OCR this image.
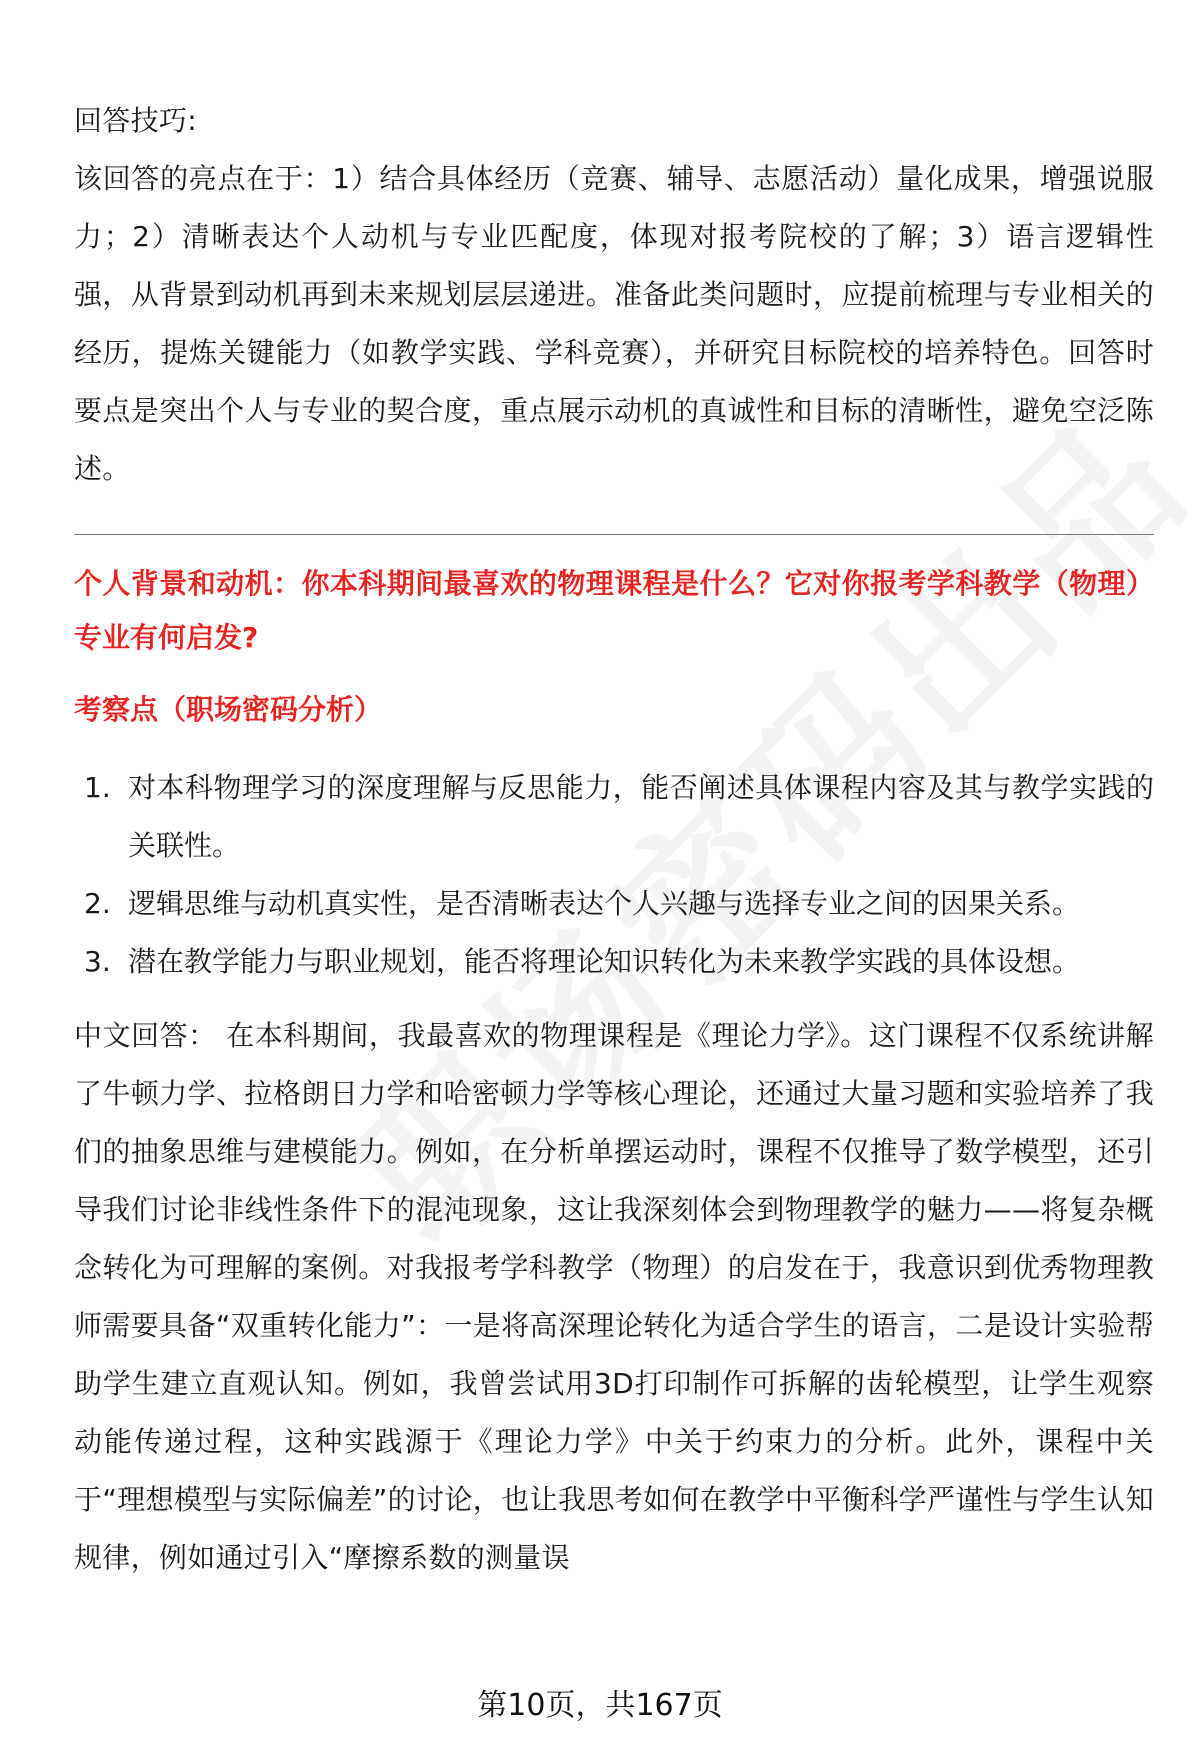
回答技巧:

该回答的亮点在于：1）结合具体经历（竞赛、辅导、志愿活动）量化成果，增强说服力；2）清晰表达个人动机与专业匹配度，体现对报考院校的了解；3）语言逻辑性强，从背景到动机再到未来规划层层递进。准备此类问题时，应提前梳理与专业相关的经历，提炼关键能力（如教学实践、学科竞赛），并研究目标院校的培养特色。回答时要点是突出个人与专业的契合度，重点展示动机的真诚性和目标的清晰性，避免空泛陈述。

个人背景和动机：你本科期间最喜欢的物理课程是什么？它对你报考学科教学（物理）专业有何启发?

考察点（职场密码分析）

1. 对本科物理学习的深度理解与反思能力，能否阐述具体课程内容及其与教学实践的关联性。
2. 逻辑思维与动机真实性，是否清晰表达个人兴趣与选择专业之间的因果关系。
3. 潜在教学能力与职业规划，能否将理论知识转化为未来教学实践的具体设想。

中文回答： 在本科期间，我最喜欢的物理课程是《理论力学》。这门课程不仅系统讲解了牛顿力学、拉格朗日力学和哈密顿力学等核心理论，还通过大量习题和实验培养了我们的抽象思维与建模能力。例如，在分析单摆运动时，课程不仅推导了数学模型，还引导我们讨论非线性条件下的混沌现象，这让我深刻体会到物理教学的魅力——将复杂概念转化为可理解的案例。对我报考学科教学（物理）的启发在于，我意识到优秀物理教师需要具备“双重转化能力”：一是将高深理论转化为适合学生的语言，二是设计实验帮助学生建立直观认知。例如，我曾尝试用3D打印制作可拆解的齿轮模型，让学生观察动能传递过程，这种实践源于《理论力学》中关于约束力的分析。此外，课程中关于“理想模型与实际偏差”的讨论，也让我思考如何在教学中平衡科学严谨性与学生认知规律，例如通过引入“摩擦系数的测量误

第10页，共167页
